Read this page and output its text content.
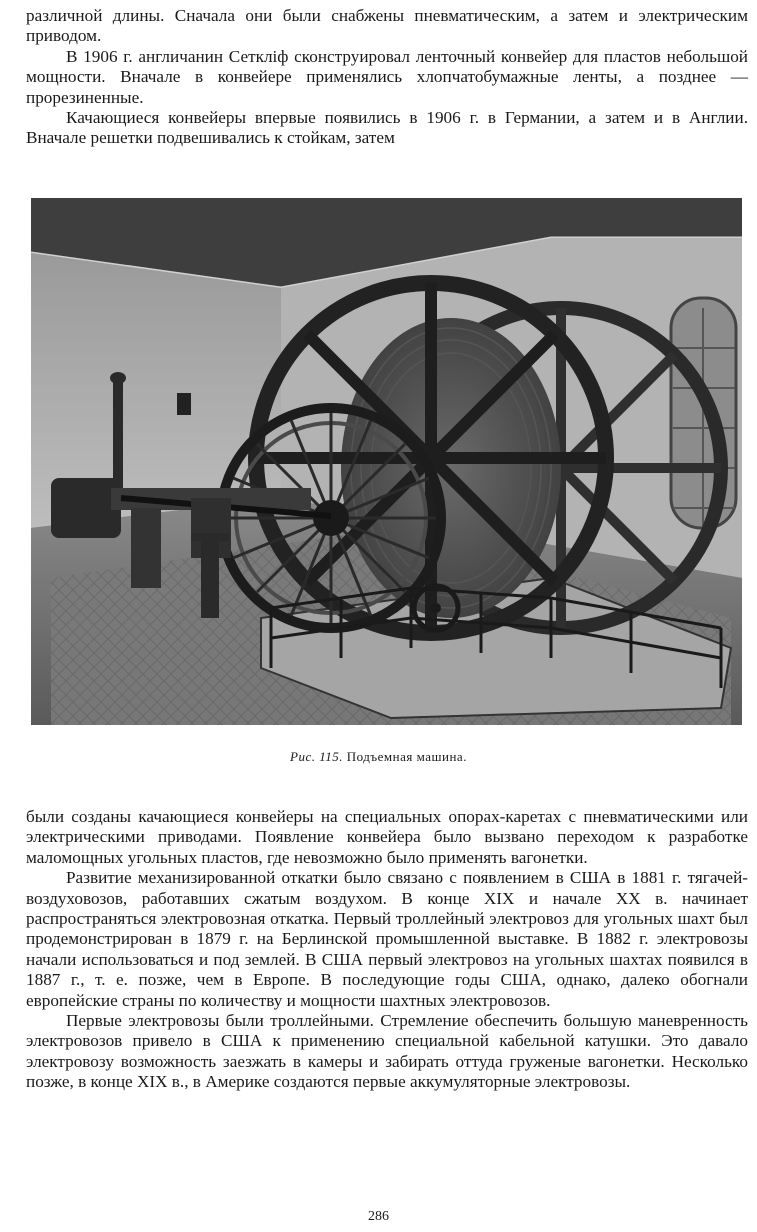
различной длины. Сначала они были снабжены пневматическим, а затем и электрическим приводом.

В 1906 г. англичанин Сеткліф сконструировал ленточный конвейер для пластов небольшой мощности. Вначале в конвейере применялись хлопчатобумажные ленты, а позднее — прорезиненные.

Качающиеся конвейеры впервые появились в 1906 г. в Германии, а затем и в Англии. Вначале решетки подвешивались к стойкам, затем

Рис. 115. Подъемная машина.

были созданы качающиеся конвейеры на специальных опорах-каретах с пневматическими или электрическими приводами. Появление конвейера было вызвано переходом к разработке маломощных угольных пластов, где невозможно было применять вагонетки.

Развитие механизированной откатки было связано с появлением в США в 1881 г. тягачей-воздуховозов, работавших сжатым воздухом. В конце XIX и начале XX в. начинает распространяться электровозная откатка. Первый троллейный электровоз для угольных шахт был продемонстрирован в 1879 г. на Берлинской промышленной выставке. В 1882 г. электровозы начали использоваться и под землей. В США первый электровоз на угольных шахтах появился в 1887 г., т. е. позже, чем в Европе. В последующие годы США, однако, далеко обогнали европейские страны по количеству и мощности шахтных электровозов.

Первые электровозы были троллейными. Стремление обеспечить большую маневренность электровозов привело в США к применению специальной кабельной катушки. Это давало электровозу возможность заезжать в камеры и забирать оттуда груженые вагонетки. Несколько позже, в конце XIX в., в Америке создаются первые аккумуляторные электровозы.

286
